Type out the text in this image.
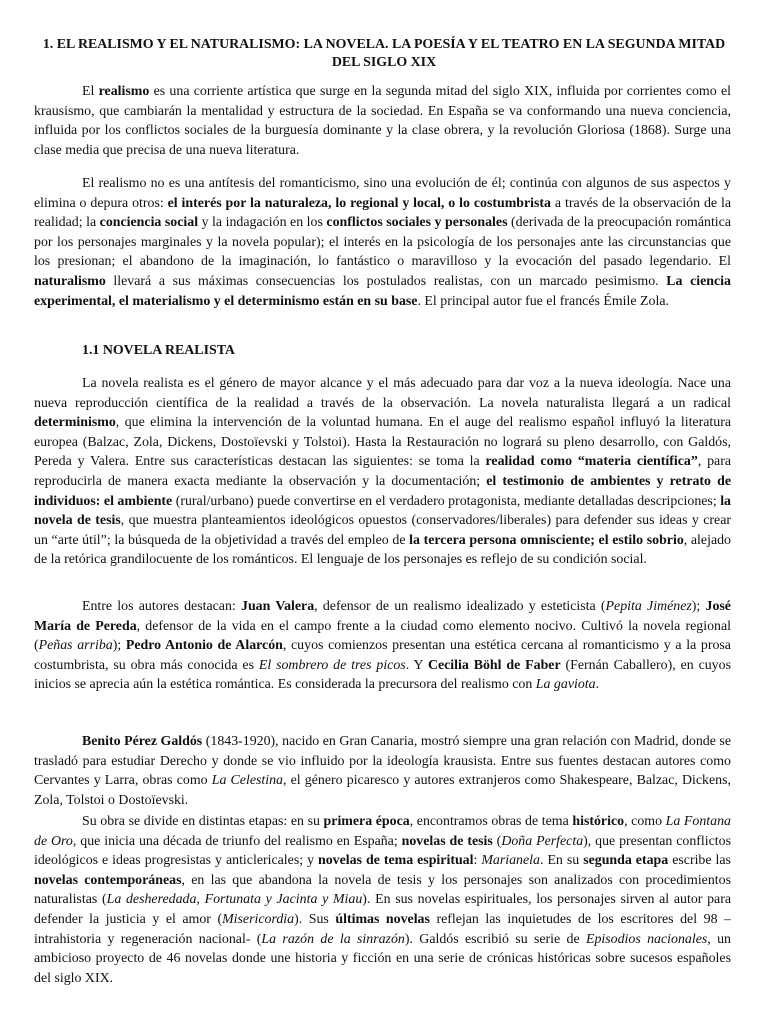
1. EL REALISMO Y EL NATURALISMO: LA NOVELA. LA POESÍA Y EL TEATRO EN LA SEGUNDA MITAD DEL SIGLO XIX

El realismo es una corriente artística que surge en la segunda mitad del siglo XIX, influida por corrientes como el krausismo, que cambiarán la mentalidad y estructura de la sociedad. En España se va conformando una nueva conciencia, influida por los conflictos sociales de la burguesía dominante y la clase obrera, y la revolución Gloriosa (1868). Surge una clase media que precisa de una nueva literatura.

El realismo no es una antítesis del romanticismo, sino una evolución de él; continúa con algunos de sus aspectos y elimina o depura otros: el interés por la naturaleza, lo regional y local, o lo costumbrista a través de la observación de la realidad; la conciencia social y la indagación en los conflictos sociales y personales (derivada de la preocupación romántica por los personajes marginales y la novela popular); el interés en la psicología de los personajes ante las circunstancias que los presionan; el abandono de la imaginación, lo fantástico o maravilloso y la evocación del pasado legendario. El naturalismo llevará a sus máximas consecuencias los postulados realistas, con un marcado pesimismo. La ciencia experimental, el materialismo y el determinismo están en su base. El principal autor fue el francés Émile Zola.

1.1 NOVELA REALISTA

La novela realista es el género de mayor alcance y el más adecuado para dar voz a la nueva ideología. Nace una nueva reproducción científica de la realidad a través de la observación. La novela naturalista llegará a un radical determinismo, que elimina la intervención de la voluntad humana. En el auge del realismo español influyó la literatura europea (Balzac, Zola, Dickens, Dostoïevski y Tolstoi). Hasta la Restauración no logrará su pleno desarrollo, con Galdós, Pereda y Valera. Entre sus características destacan las siguientes: se toma la realidad como “materia científica”, para reproducirla de manera exacta mediante la observación y la documentación; el testimonio de ambientes y retrato de individuos: el ambiente (rural/urbano) puede convertirse en el verdadero protagonista, mediante detalladas descripciones; la novela de tesis, que muestra planteamientos ideológicos opuestos (conservadores/liberales) para defender sus ideas y crear un “arte útil”; la búsqueda de la objetividad a través del empleo de la tercera persona omnisciente; el estilo sobrio, alejado de la retórica grandilocuente de los románticos. El lenguaje de los personajes es reflejo de su condición social.

Entre los autores destacan: Juan Valera, defensor de un realismo idealizado y esteticista (Pepita Jiménez); José María de Pereda, defensor de la vida en el campo frente a la ciudad como elemento nocivo. Cultivó la novela regional (Peñas arriba); Pedro Antonio de Alarcón, cuyos comienzos presentan una estética cercana al romanticismo y a la prosa costumbrista, su obra más conocida es El sombrero de tres picos. Y Cecilia Böhl de Faber (Fernán Caballero), en cuyos inicios se aprecia aún la estética romántica. Es considerada la precursora del realismo con La gaviota.

Benito Pérez Galdós (1843-1920), nacido en Gran Canaria, mostró siempre una gran relación con Madrid, donde se trasladó para estudiar Derecho y donde se vio influido por la ideología krausista. Entre sus fuentes destacan autores como Cervantes y Larra, obras como La Celestina, el género picaresco y autores extranjeros como Shakespeare, Balzac, Dickens, Zola, Tolstoi o Dostoïevski.

Su obra se divide en distintas etapas: en su primera época, encontramos obras de tema histórico, como La Fontana de Oro, que inicia una década de triunfo del realismo en España; novelas de tesis (Doña Perfecta), que presentan conflictos ideológicos e ideas progresistas y anticlericales; y novelas de tema espiritual: Marianela. En su segunda etapa escribe las novelas contemporáneas, en las que abandona la novela de tesis y los personajes son analizados con procedimientos naturalistas (La desheredada, Fortunata y Jacinta y Miau). En sus novelas espirituales, los personajes sirven al autor para defender la justicia y el amor (Misericordia). Sus últimas novelas reflejan las inquietudes de los escritores del 98 –intrahistoria y regeneración nacional- (La razón de la sinrazón). Galdós escribió su serie de Episodios nacionales, un ambicioso proyecto de 46 novelas donde une historia y ficción en una serie de crónicas históricas sobre sucesos españoles del siglo XIX.
